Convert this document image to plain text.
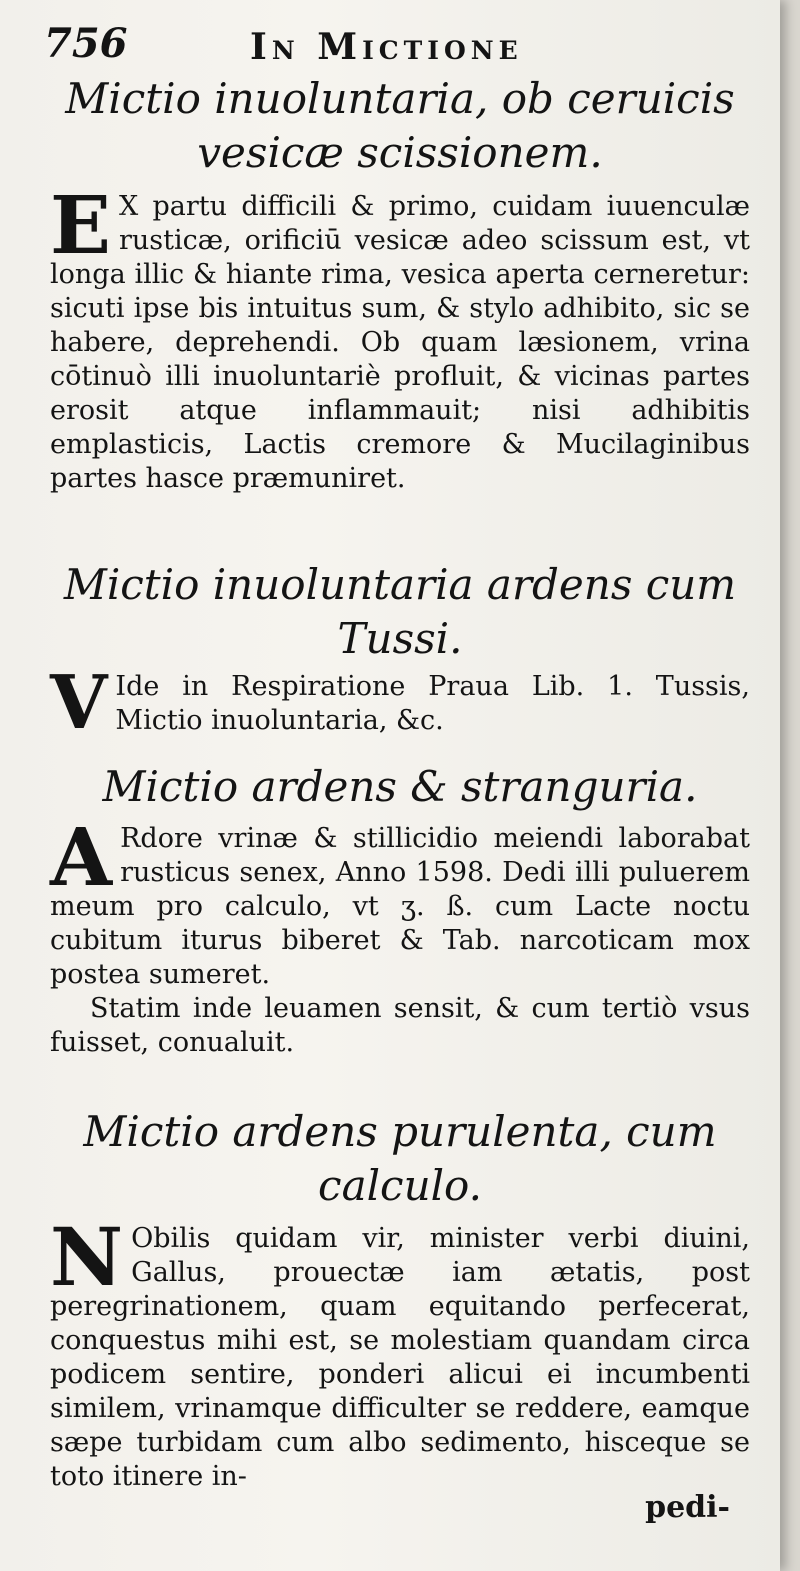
756	In Mictione
Mictio inuoluntaria, ob ceruicis vesicæ scissionem.
E X partu difficili & primo, cuidam iuuenculæ rusticæ, orificiū vesicæ adeo scissum est, vt longa illic & hiante rima, vesica aperta cerneretur: sicuti ipse bis intuitus sum, & stylo adhibito, sic se habere, deprehendi. Ob quam læsionem, vrina cōtinuò illi inuoluntariè profluit, & vicinas partes erosit atque inflammauit; nisi adhibitis emplasticis, Lactis cremore & Mucilaginibus partes hasce præmuniret.
Mictio inuoluntaria ardens cum Tussi.
V Ide in Respiratione Praua Lib. 1. Tussis, Mictio inuoluntaria, &c.
Mictio ardens & stranguria.
A Rdore vrinæ & stillicidio meiendi laborabat rusticus senex, Anno 1598. Dedi illi puluerem meum pro calculo, vt ʒ. ß. cum Lacte noctu cubitum iturus biberet & Tab. narcoticam mox postea sumeret.
Statim inde leuamen sensit, & cum tertiò vsus fuisset, conualuit.
Mictio ardens purulenta, cum calculo.
N Obilis quidam vir, minister verbi diuini, Gallus, prouectæ iam ætatis, post peregrinationem, quam equitando perfecerat, conquestus mihi est, se molestiam quandam circa podicem sentire, ponderi alicui ei incumbenti similem, vrinamque difficulter se reddere, eamque sæpe turbidam cum albo sedimento, hisceque se toto itinere in-
pedi-
